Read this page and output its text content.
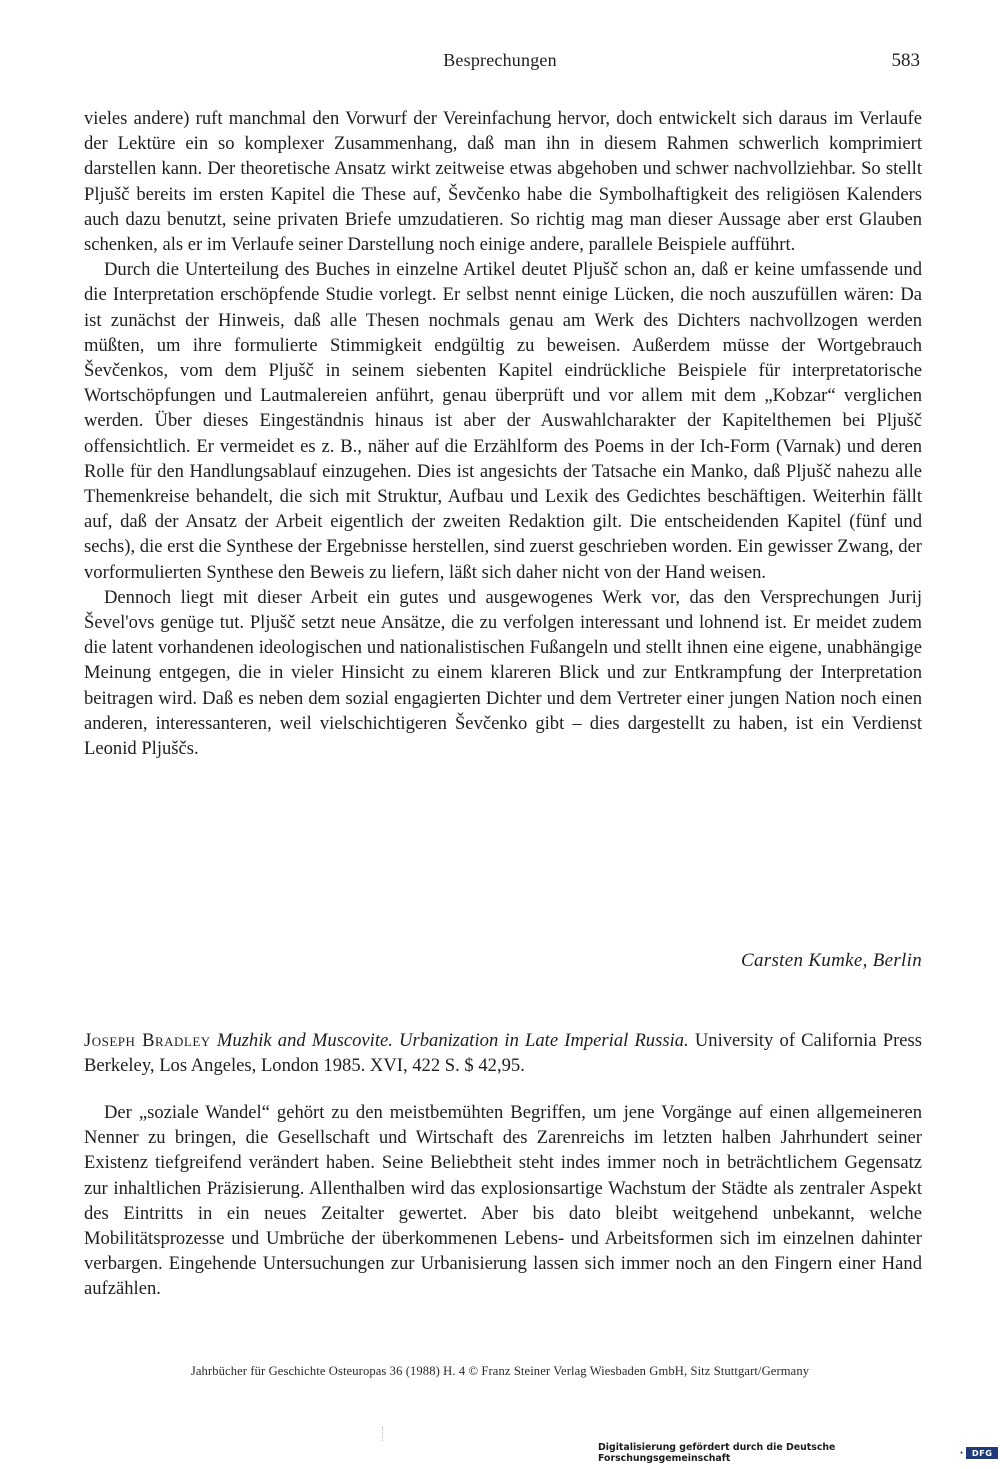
Besprechungen	583

vieles andere) ruft manchmal den Vorwurf der Vereinfachung hervor, doch entwickelt sich daraus im Verlaufe der Lektüre ein so komplexer Zusammenhang, daß man ihn in diesem Rahmen schwerlich komprimiert darstellen kann. Der theoretische Ansatz wirkt zeitweise etwas abgehoben und schwer nachvollziehbar. So stellt Pljušč bereits im ersten Kapitel die These auf, Ševčenko habe die Symbolhaftigkeit des religiösen Kalenders auch dazu benutzt, seine privaten Briefe umzudatieren. So richtig mag man dieser Aussage aber erst Glauben schenken, als er im Verlaufe seiner Darstellung noch einige andere, parallele Beispiele aufführt.

Durch die Unterteilung des Buches in einzelne Artikel deutet Pljušč schon an, daß er keine umfassende und die Interpretation erschöpfende Studie vorlegt. Er selbst nennt einige Lücken, die noch auszufüllen wären: Da ist zunächst der Hinweis, daß alle Thesen nochmals genau am Werk des Dichters nachvollzogen werden müßten, um ihre formulierte Stimmigkeit endgültig zu beweisen. Außerdem müsse der Wortgebrauch Ševčenkos, vom dem Pljušč in seinem siebenten Kapitel eindrückliche Beispiele für interpretatorische Wortschöpfungen und Lautmalereien anführt, genau überprüft und vor allem mit dem „Kobzar“ verglichen werden. Über dieses Eingeständnis hinaus ist aber der Auswahlcharakter der Kapitelthemen bei Pljušč offensichtlich. Er vermeidet es z. B., näher auf die Erzählform des Poems in der Ich-Form (Varnak) und deren Rolle für den Handlungsablauf einzugehen. Dies ist angesichts der Tatsache ein Manko, daß Pljušč nahezu alle Themenkreise behandelt, die sich mit Struktur, Aufbau und Lexik des Gedichtes beschäftigen. Weiterhin fällt auf, daß der Ansatz der Arbeit eigentlich der zweiten Redaktion gilt. Die entscheidenden Kapitel (fünf und sechs), die erst die Synthese der Ergebnisse herstellen, sind zuerst geschrieben worden. Ein gewisser Zwang, der vorformulierten Synthese den Beweis zu liefern, läßt sich daher nicht von der Hand weisen.

Dennoch liegt mit dieser Arbeit ein gutes und ausgewogenes Werk vor, das den Versprechungen Jurij Ševel'ovs genüge tut. Pljušč setzt neue Ansätze, die zu verfolgen interessant und lohnend ist. Er meidet zudem die latent vorhandenen ideologischen und nationalistischen Fußangeln und stellt ihnen eine eigene, unabhängige Meinung entgegen, die in vieler Hinsicht zu einem klareren Blick und zur Entkrampfung der Interpretation beitragen wird. Daß es neben dem sozial engagierten Dichter und dem Vertreter einer jungen Nation noch einen anderen, interessanteren, weil vielschichtigeren Ševčenko gibt – dies dargestellt zu haben, ist ein Verdienst Leonid Pljuščs.

Carsten Kumke, Berlin
Joseph Bradley Muzhik and Muscovite. Urbanization in Late Imperial Russia. University of California Press Berkeley, Los Angeles, London 1985. XVI, 422 S. $ 42,95.

Der „soziale Wandel“ gehört zu den meistbemühten Begriffen, um jene Vorgänge auf einen allgemeineren Nenner zu bringen, die Gesellschaft und Wirtschaft des Zarenreichs im letzten halben Jahrhundert seiner Existenz tiefgreifend verändert haben. Seine Beliebtheit steht indes immer noch in beträchtlichem Gegensatz zur inhaltlichen Präzisierung. Allenthalben wird das explosionsartige Wachstum der Städte als zentraler Aspekt des Eintritts in ein neues Zeitalter gewertet. Aber bis dato bleibt weitgehend unbekannt, welche Mobilitätsprozesse und Umbrüche der überkommenen Lebens- und Arbeitsformen sich im einzelnen dahinter verbargen. Eingehende Untersuchungen zur Urbanisierung lassen sich immer noch an den Fingern einer Hand aufzählen.

Jahrbücher für Geschichte Osteuropas 36 (1988) H. 4 © Franz Steiner Verlag Wiesbaden GmbH, Sitz Stuttgart/Germany
Digitalisierung gefördert durch die Deutsche Forschungsgemeinschaft	·	DFG
